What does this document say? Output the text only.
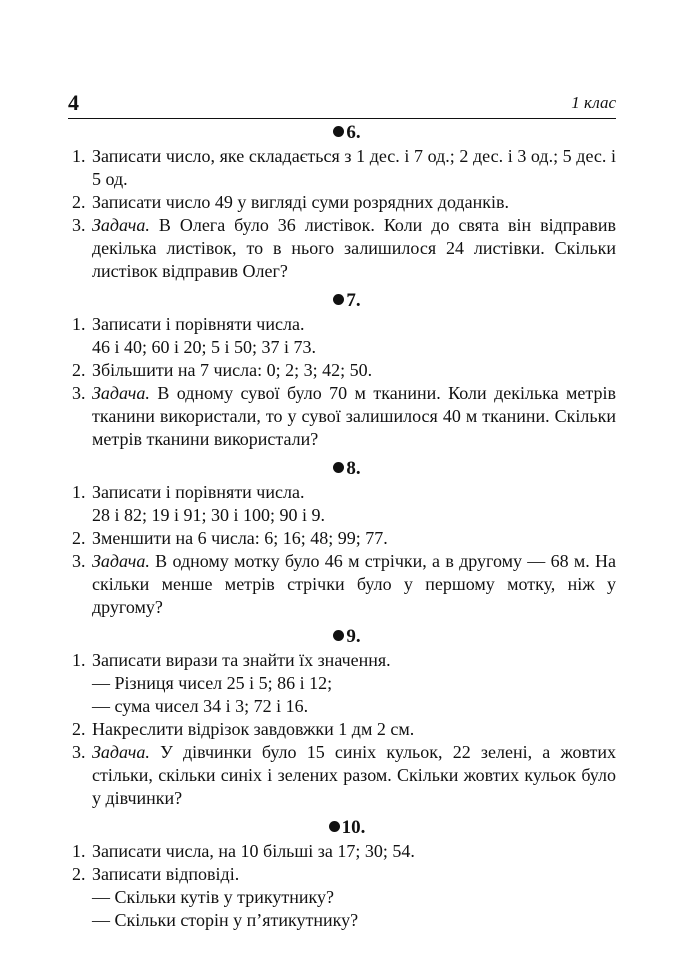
4	1 клас

6.

1. Записати число, яке складається з 1 дес. і 7 од.; 2 дес. і 3 од.; 5 дес. і 5 од.
2. Записати число 49 у вигляді суми розрядних доданків.
3. Задача. В Олега було 36 листівок. Коли до свята він відправив декілька листівок, то в нього залишилося 24 листівки. Скільки листівок відправив Олег?

7.

1. Записати і порівняти числа.
46 і 40; 60 і 20; 5 і 50; 37 і 73.
2. Збільшити на 7 числа: 0; 2; 3; 42; 50.
3. Задача. В одному сувої було 70 м тканини. Коли декілька метрів тканини використали, то у сувої залишилося 40 м тканини. Скільки метрів тканини використали?

8.

1. Записати і порівняти числа.
28 і 82; 19 і 91; 30 і 100; 90 і 9.
2. Зменшити на 6 числа: 6; 16; 48; 99; 77.
3. Задача. В одному мотку було 46 м стрічки, а в другому — 68 м. На скільки менше метрів стрічки було у першому мотку, ніж у другому?

9.

1. Записати вирази та знайти їх значення.
— Різниця чисел 25 і 5; 86 і 12;
— сума чисел 34 і 3; 72 і 16.
2. Накреслити відрізок завдовжки 1 дм 2 см.
3. Задача. У дівчинки було 15 синіх кульок, 22 зелені, а жовтих стільки, скільки синіх і зелених разом. Скільки жовтих кульок було у дівчинки?

10.

1. Записати числа, на 10 більші за 17; 30; 54.
2. Записати відповіді.
— Скільки кутів у трикутнику?
— Скільки сторін у п’ятикутнику?
